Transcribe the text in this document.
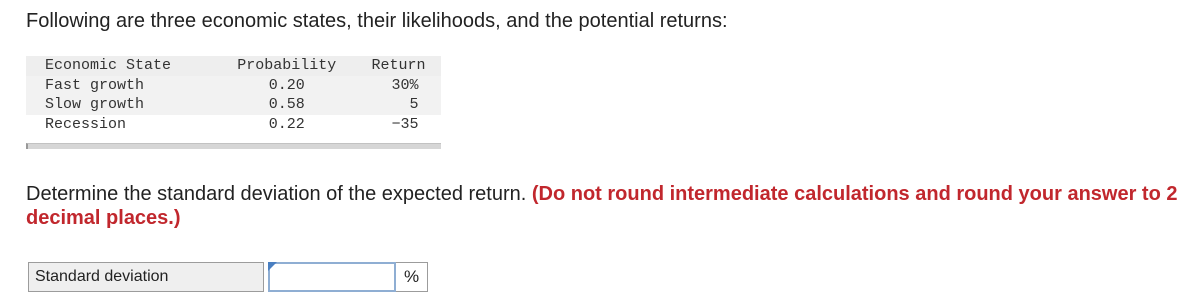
Following are three economic states, their likelihoods, and the potential returns:
Economic State	Probability	Return
Fast growth	0.20	30%
Slow growth	0.58	5
Recession	0.22	−35
Determine the standard deviation of the expected return. (Do not round intermediate calculations and round your answer to 2 decimal places.)
Standard deviation	%
